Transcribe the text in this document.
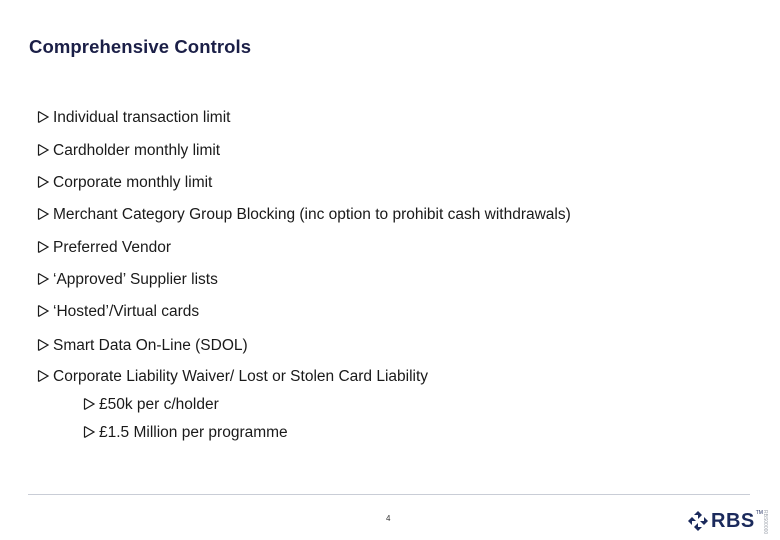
Comprehensive Controls
Individual transaction limit
Cardholder monthly limit
Corporate monthly limit
Merchant Category Group Blocking (inc option to prohibit cash withdrawals)
Preferred Vendor
‘Approved’ Supplier lists
‘Hosted’/Virtual cards
Smart Data On-Line (SDOL)
Corporate Liability Waiver/ Lost or Stolen Card Liability
£50k per c/holder
£1.5 Million per programme
4	RBS TM RBS00000
